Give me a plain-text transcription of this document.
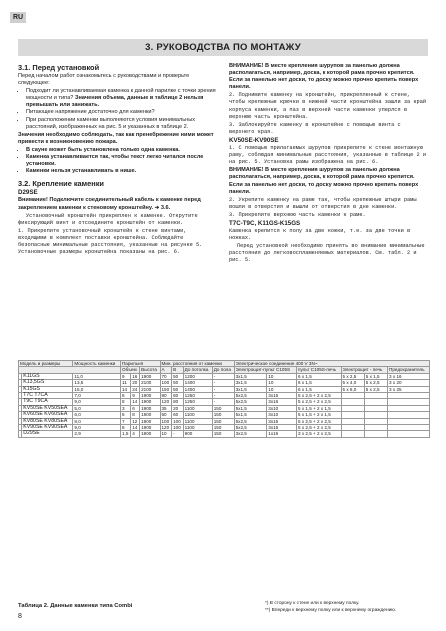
RU
3. РУКОВОДСТВА ПО МОНТАЖУ

3.1. Перед установкой

Перед началом работ ознакомьтесь с руководствами и проверьте следующее:

• Подходит ли устанавливаемая каменка к данной парилке с точки зрения мощности и типа? Значения объема, данные в таблице 2 нельзя превышать или занижать.
• Питающее напряжение достаточно для каменки?
• При расположении каменки выполняются условия минимальных расстояний, изображенных на рис. 5 и указанных в таблице 2.

Значения необходимо соблюдать, так как пренебрежение ними может привести к возникновению пожара.

• В сауне может быть установлена только одна каменка.
• Каменка устанавливается так, чтобы текст легко читался после установки.
• Каменки нельзя устанавливать в нише.

3.2. Крепление каменки

D29SE

Внимание! Подключите соединительный кабель к каменке перед закреплением каменки к стеновому кронштейну. ➔ 3.6.

Установочный кронштейн прикреплен к каменке. Открутите фиксирующий винт и отсоедините кронштейн от каменки.

1. Прикрепите установочный кронштейн к стене винтами, входящими в комплект поставки кронштейна. Соблюдайте безопасные минимальные расстояния, указанные на рисунке 5. Установочные размеры кронштейна показаны на рис. 6.

ВНИМАНИЕ! В месте крепления шурупов за панелью должна располагаться, например, доска, к которой рама прочно крепится. Если за панелью нет доски, то доску можно прочно крепить поверх панели.

2. Поднимите каменку на кронштейн, прикрепленный к стене, чтобы крепежные крючки в нижней части кронштейна зашли за край корпуса каменки, а паз в верхней части каменки уперлся в верхнюю часть кронштейна.

3. Заблокируйте каменку в кронштейне с помощью винта с верхнего края.

KV50SE-KV90SE

1. С помощью прилагаемых шурупов прикрепите к стене монтажную раму, соблюдая минимальные расстояния, указанные в таблице 2 и на рис. 5. Установка рамы изображена на рис. 6.

ВНИМАНИЕ! В месте крепления шурупов за панелью должна располагаться, например, доска, к которой рама прочно крепится. Если за панелью нет доски, то доску можно прочно крепить поверх панели.

2. Укрепите каменку на раме так, чтобы крепежные штыри рамы вошли в отверстия и вышли от отверстия в днe каменки.

3. Прикрепите верхнюю часть каменки к раме.

T7C-T9C, K11GS-K15GS

Каменка крепится к полу за две ножки, т.е. за две точки в ножках.

Перед установкой необходимо принять во внимание минимальные расстояния до легковоспламеняемых материалов. См. табл. 2 и рис. 5.

Модель и размеры		Мощность каменки	Парильня			Мин. расстояния от каменки				Электрическое соединение 400 V 3N~					
			Объем		Высота	А	В	До потолка	До пола	Электрощит-пульт C105S		пульт C105S-печь	Электрощит - печь		Предохранитель
	K11GS	11,0	9	16	1900	70	50	1200	-	3x1,5	10	6 x 1,5	5 x 2,5	5 x 1,5	3 x 16
	K13,5GS	13,5	11	20	2100	100	50	1400	-	3x1,5	10	6 x 1,5	5 x 4,0	5 x 2,5	3 x 20
	K15GS	15,0	14	24	2100	150	50	1400	-	3x1,5	10	6 x 1,5	5 x 6,0	5 x 2,5	3 x 25
	T7C T7CA	7,0	6	9	1900	80	60	1250	-	5x2,5	3x16	5 x 2,5 + 2 x 2,5			
	T9C T9CA	9,0	8	14	1900	120	80	1250	-	5x2,5	3x16	5 x 2,5 + 2 x 2,5			
	KV50SE KV50SEA	5,0	3	6	1900	35	20	1100	150	5x1,5	3x10	5 x 1,5 + 2 x 1,5			
	KV60SE KV60SEA	6,0	5	8	1900	50	60	1100	150	5x1,5	3x10	5 x 1,5 + 2 x 1,5			
	KV80SE KV80SEA	8,0	7	12	1900	100	100	1100	150	5x2,5	3x16	5 x 2,5 + 2 x 2,5			
	KV90SE KV90SEA	9,0	8	14	1900	120	100	1100	150	5x2,5	3x16	5 x 2,5 + 2 x 2,5			
	D29SE	2,9	1,5	4	1800	10	-	900	150	3x2,5	1x16	3 x 2,5 + 2 x 2,5			
Таблица 2. Данные каменки типа Combi	*) В сторону к стене или к верхнему полку.
**) Впереди к верхнему полку или к верхнему ограждению.
8
